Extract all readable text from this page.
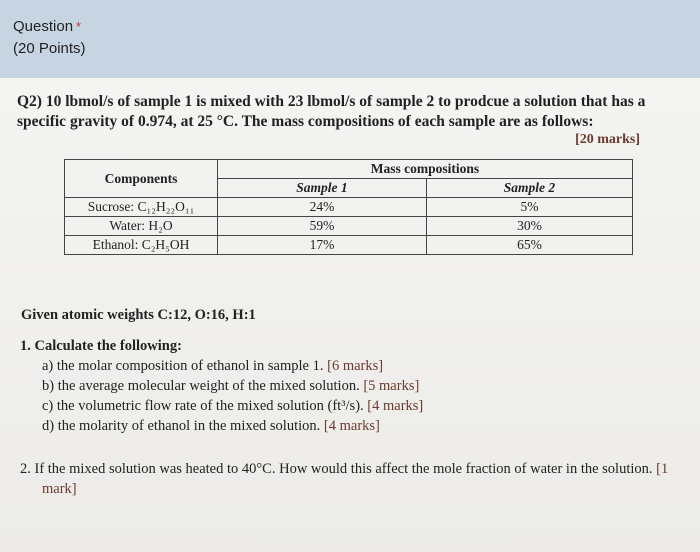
Question *
(20 Points)
Q2) 10 lbmol/s of sample 1 is mixed with 23 lbmol/s of sample 2 to prodcue a solution that has a specific gravity of 0.974, at 25 °C. The mass compositions of each sample are as follows:
[20 marks]
Components	Mass compositions	
	Sample 1	Sample 2
Sucrose: C₁₂H₂₂O₁₁	24%	5%
Water: H₂O	59%	30%
Ethanol: C₂H₅OH	17%	65%
Given atomic weights C:12, O:16, H:1
1. Calculate the following:
a) the molar composition of ethanol in sample 1. [6 marks]
b) the average molecular weight of the mixed solution. [5 marks]
c) the volumetric flow rate of the mixed solution (ft³/s). [4 marks]
d) the molarity of ethanol in the mixed solution. [4 marks]
2. If the mixed solution was heated to 40°C. How would this affect the mole fraction of water in the solution. [1 mark]
